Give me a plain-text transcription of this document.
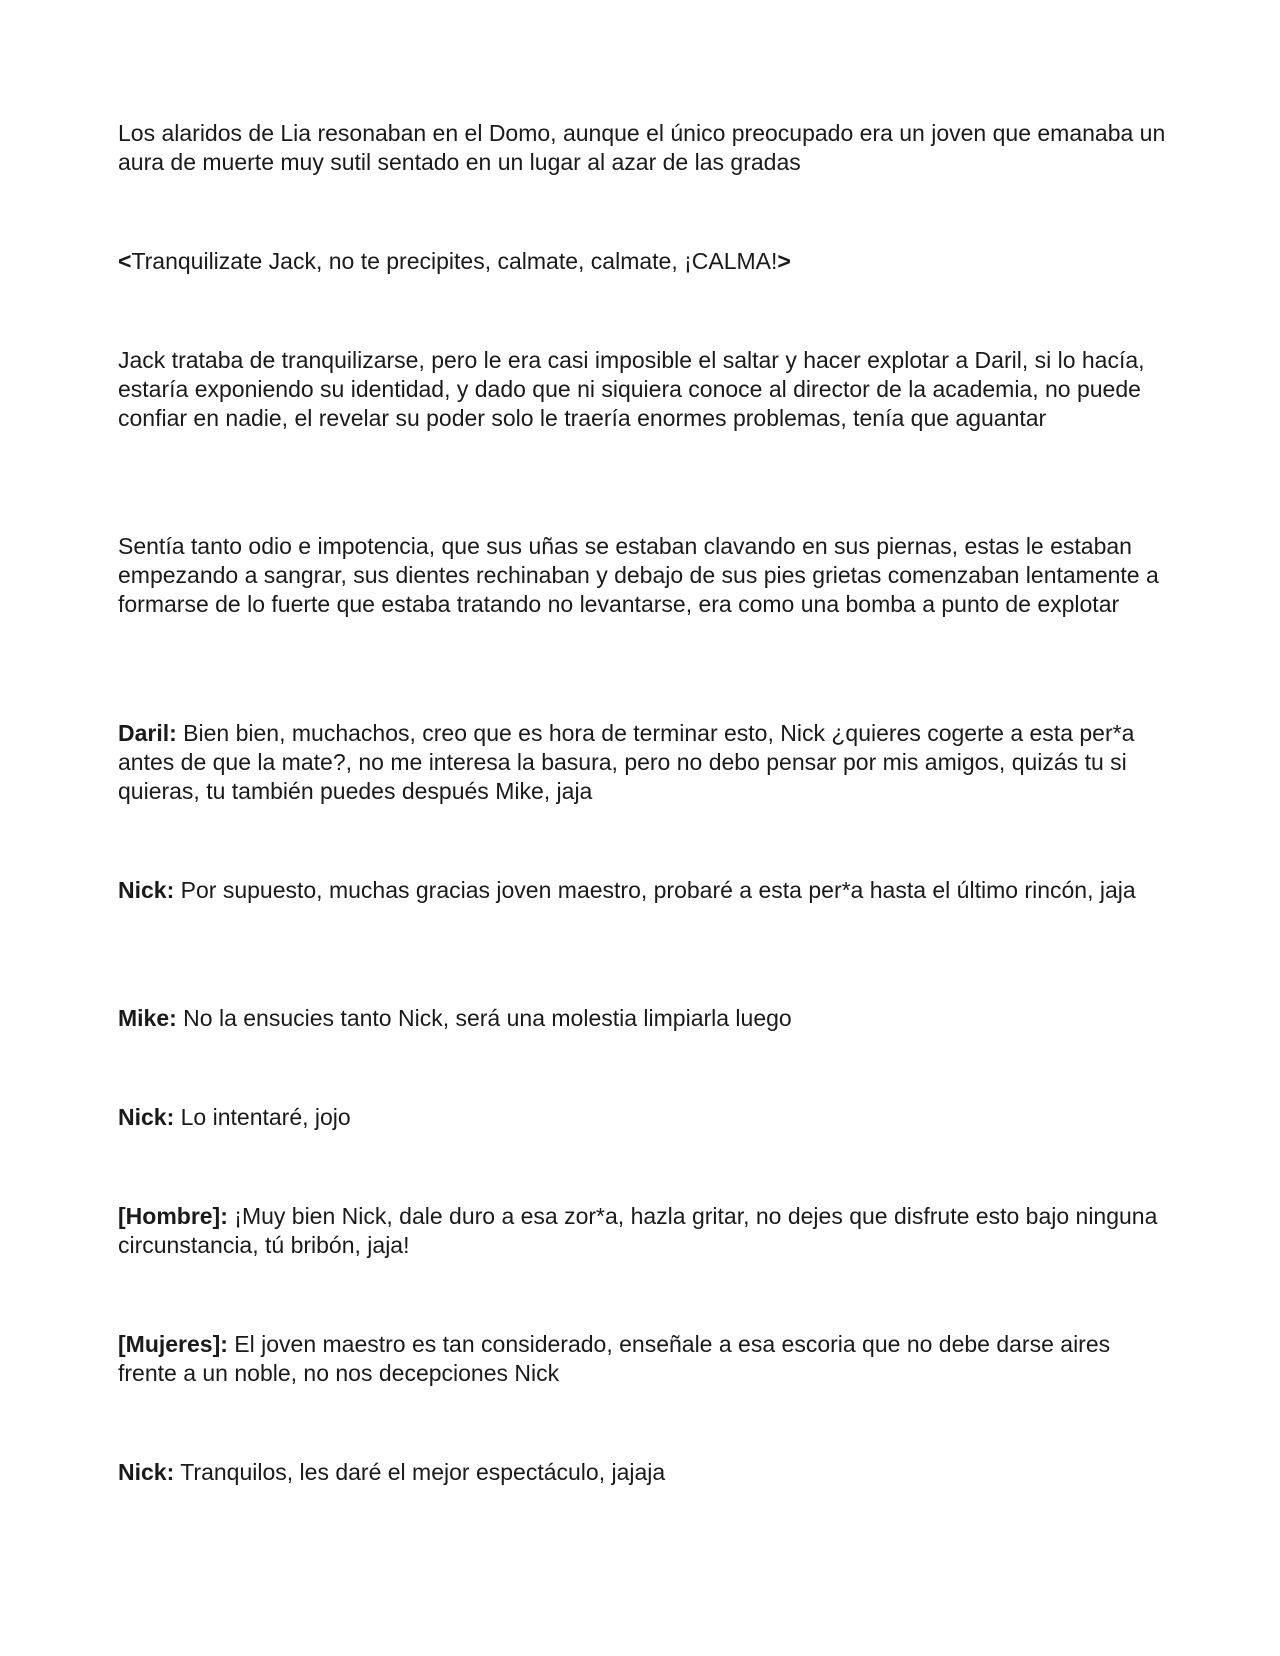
Los alaridos de Lia resonaban en el Domo, aunque el único preocupado era un joven que emanaba un aura de muerte muy sutil sentado en un lugar al azar de las gradas

<Tranquilizate Jack, no te precipites, calmate, calmate, ¡CALMA!>

Jack trataba de tranquilizarse, pero le era casi imposible el saltar y hacer explotar a Daril, si lo hacía, estaría exponiendo su identidad, y dado que ni siquiera conoce al director de la academia, no puede confiar en nadie, el revelar su poder solo le traería enormes problemas, tenía que aguantar

Sentía tanto odio e impotencia, que sus uñas se estaban clavando en sus piernas, estas le estaban empezando a sangrar, sus dientes rechinaban y debajo de sus pies grietas comenzaban lentamente a formarse de lo fuerte que estaba tratando no levantarse, era como una bomba a punto de explotar

Daril: Bien bien, muchachos, creo que es hora de terminar esto, Nick ¿quieres cogerte a esta per*a antes de que la mate?, no me interesa la basura, pero no debo pensar por mis amigos, quizás tu si quieras, tu también puedes después Mike, jaja

Nick: Por supuesto, muchas gracias joven maestro, probaré a esta per*a hasta el último rincón, jaja

Mike: No la ensucies tanto Nick, será una molestia limpiarla luego

Nick: Lo intentaré, jojo

[Hombre]: ¡Muy bien Nick, dale duro a esa zor*a, hazla gritar, no dejes que disfrute esto bajo ninguna circunstancia, tú bribón, jaja!

[Mujeres]: El joven maestro es tan considerado, enseñale a esa escoria que no debe darse aires frente a un noble, no nos decepciones Nick

Nick: Tranquilos, les daré el mejor espectáculo, jajaja
